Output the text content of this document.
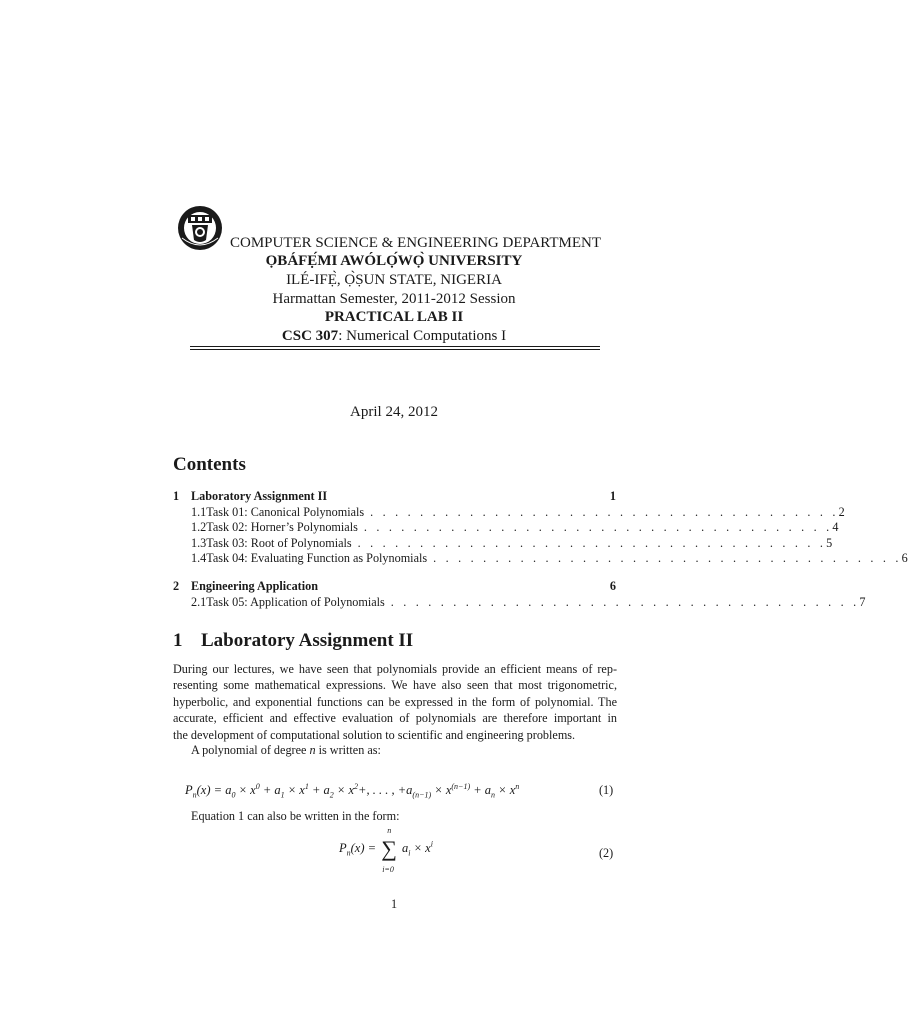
COMPUTER SCIENCE & ENGINEERING DEPARTMENT
ỌBÁFẸ́MI AWÓLỌ́WỌ̀ UNIVERSITY
ILÉ-IFẸ̀, Ọ̀ṢUN STATE, NIGERIA
Harmattan Semester, 2011-2012 Session
PRACTICAL LAB II
CSC 307: Numerical Computations I
April 24, 2012
Contents
1 Laboratory Assignment II	1
1.1 Task 01: Canonical Polynomials . . . . . . . . . . . . . . . . . . . . . . . . . . . . . . . . . . . . . . 2
1.2 Task 02: Horner’s Polynomials . . . . . . . . . . . . . . . . . . . . . . . . . . . . . . . . . . . . . . 4
1.3 Task 03: Root of Polynomials . . . . . . . . . . . . . . . . . . . . . . . . . . . . . . . . . . . . . . 5
1.4 Task 04: Evaluating Function as Polynomials . . . . . . . . . . . . . . . . . . . . . . . . . . . . . . . . . . . . . . 6
2 Engineering Application	6
2.1 Task 05: Application of Polynomials . . . . . . . . . . . . . . . . . . . . . . . . . . . . . . . . . . . . . . 7
1 Laboratory Assignment II
During our lectures, we have seen that polynomials provide an efficient means of rep-
resenting some mathematical expressions. We have also seen that most trigonometric,
hyperbolic, and exponential functions can be expressed in the form of polynomial. The
accurate, efficient and effective evaluation of polynomials are therefore important in
the development of computational solution to scientific and engineering problems.
A polynomial of degree n is written as:
$P_n(x) = a_0 \times x^0 + a_1 \times x^1 + a_2 \times x^2+$, . . . , $+a_{(n-1)} \times x^{(n-1)} + a_n \times x^n$	(1)
Equation 1 can also be written in the form:
$P_n(x)$ = ∑
n
i=0
$a_i \times x^i$
(2)
1
